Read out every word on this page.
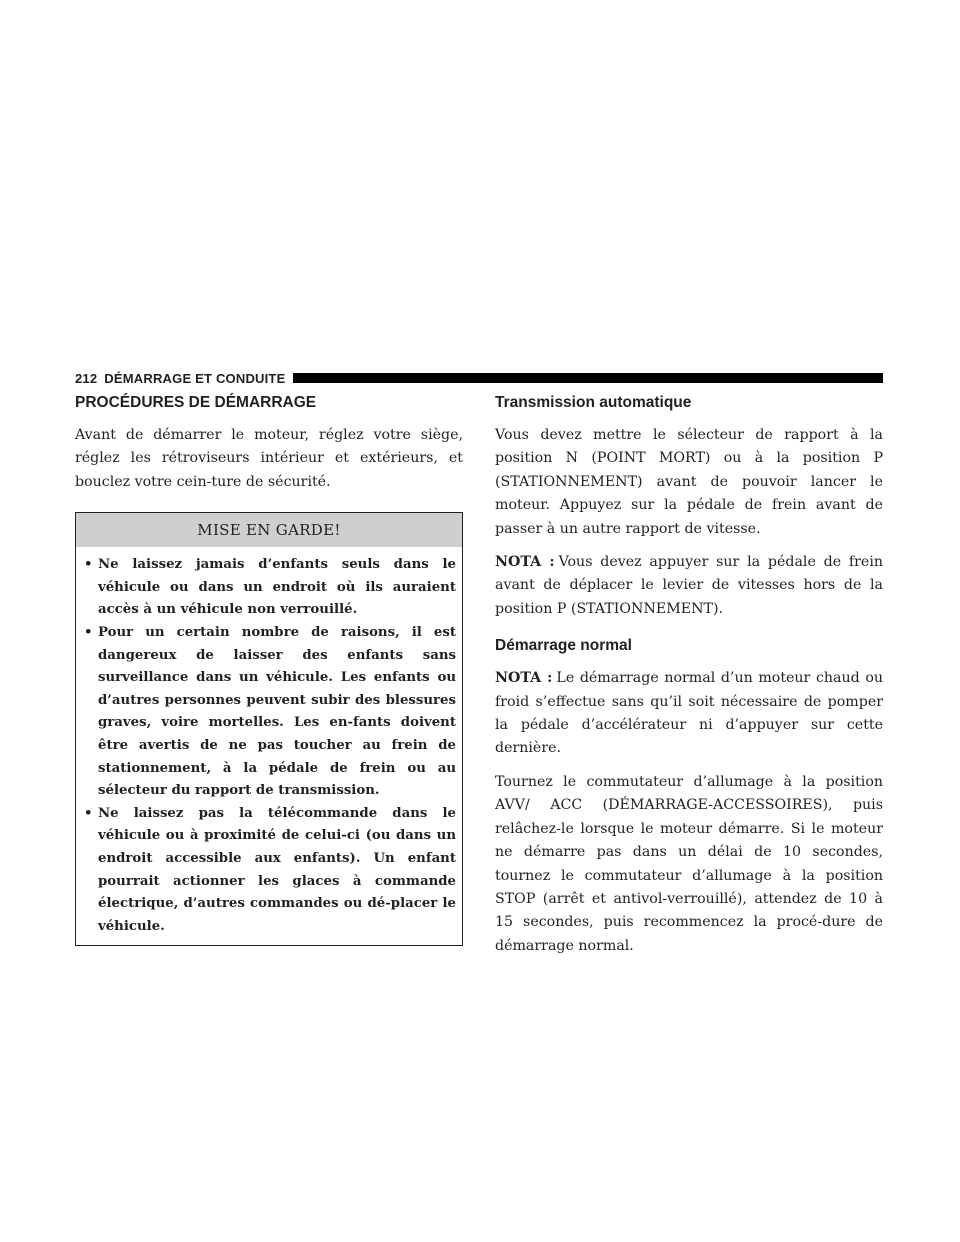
212 DÉMARRAGE ET CONDUITE
PROCÉDURES DE DÉMARRAGE

Avant de démarrer le moteur, réglez votre siège, réglez les rétroviseurs intérieur et extérieurs, et bouclez votre cein-ture de sécurité.

MISE EN GARDE!
• Ne laissez jamais d’enfants seuls dans le véhicule ou dans un endroit où ils auraient accès à un véhicule non verrouillé.
• Pour un certain nombre de raisons, il est dangereux de laisser des enfants sans surveillance dans un véhicule. Les enfants ou d’autres personnes peuvent subir des blessures graves, voire mortelles. Les en-fants doivent être avertis de ne pas toucher au frein de stationnement, à la pédale de frein ou au sélecteur du rapport de transmission.
• Ne laissez pas la télécommande dans le véhicule ou à proximité de celui-ci (ou dans un endroit accessible aux enfants). Un enfant pourrait actionner les glaces à commande électrique, d’autres commandes ou dé-placer le véhicule.
Transmission automatique

Vous devez mettre le sélecteur de rapport à la position N (POINT MORT) ou à la position P (STATIONNEMENT) avant de pouvoir lancer le moteur. Appuyez sur la pédale de frein avant de passer à un autre rapport de vitesse.

NOTA : Vous devez appuyer sur la pédale de frein avant de déplacer le levier de vitesses hors de la position P (STATIONNEMENT).

Démarrage normal

NOTA : Le démarrage normal d’un moteur chaud ou froid s’effectue sans qu’il soit nécessaire de pomper la pédale d’accélérateur ni d’appuyer sur cette dernière.

Tournez le commutateur d’allumage à la position AVV/ ACC (DÉMARRAGE-ACCESSOIRES), puis relâchez-le lorsque le moteur démarre. Si le moteur ne démarre pas dans un délai de 10 secondes, tournez le commutateur d’allumage à la position STOP (arrêt et antivol-verrouillé), attendez de 10 à 15 secondes, puis recommencez la procé-dure de démarrage normal.
